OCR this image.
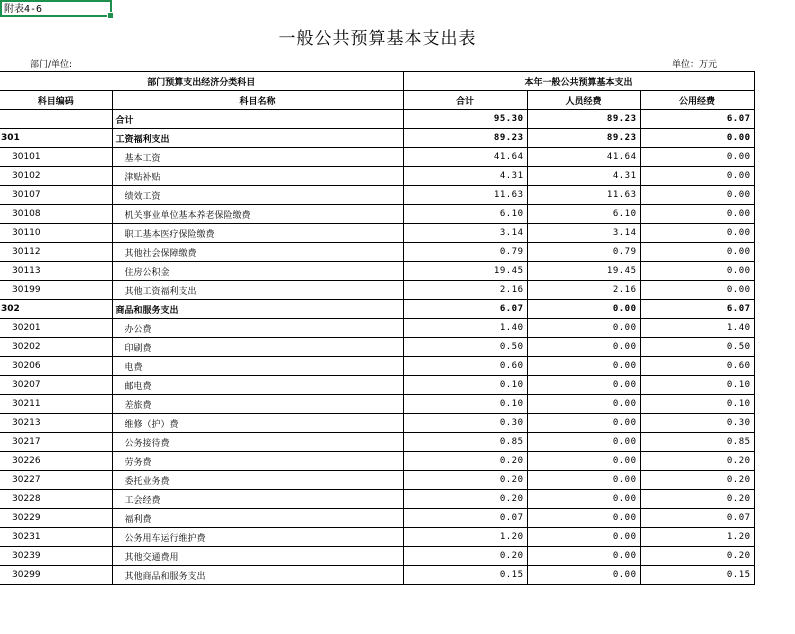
附表4-6
一般公共预算基本支出表
部门/单位:	单位：万元
部门预算支出经济分类科目		本年一般公共预算基本支出		
科目编码	科目名称	合计	人员经费	公用经费
	合计	95.30	89.23	6.07
301	工资福利支出	89.23	89.23	0.00
30101	基本工资	41.64	41.64	0.00
30102	津贴补贴	4.31	4.31	0.00
30107	绩效工资	11.63	11.63	0.00
30108	机关事业单位基本养老保险缴费	6.10	6.10	0.00
30110	职工基本医疗保险缴费	3.14	3.14	0.00
30112	其他社会保障缴费	0.79	0.79	0.00
30113	住房公积金	19.45	19.45	0.00
30199	其他工资福利支出	2.16	2.16	0.00
302	商品和服务支出	6.07	0.00	6.07
30201	办公费	1.40	0.00	1.40
30202	印刷费	0.50	0.00	0.50
30206	电费	0.60	0.00	0.60
30207	邮电费	0.10	0.00	0.10
30211	差旅费	0.10	0.00	0.10
30213	维修（护）费	0.30	0.00	0.30
30217	公务接待费	0.85	0.00	0.85
30226	劳务费	0.20	0.00	0.20
30227	委托业务费	0.20	0.00	0.20
30228	工会经费	0.20	0.00	0.20
30229	福利费	0.07	0.00	0.07
30231	公务用车运行维护费	1.20	0.00	1.20
30239	其他交通费用	0.20	0.00	0.20
30299	其他商品和服务支出	0.15	0.00	0.15
